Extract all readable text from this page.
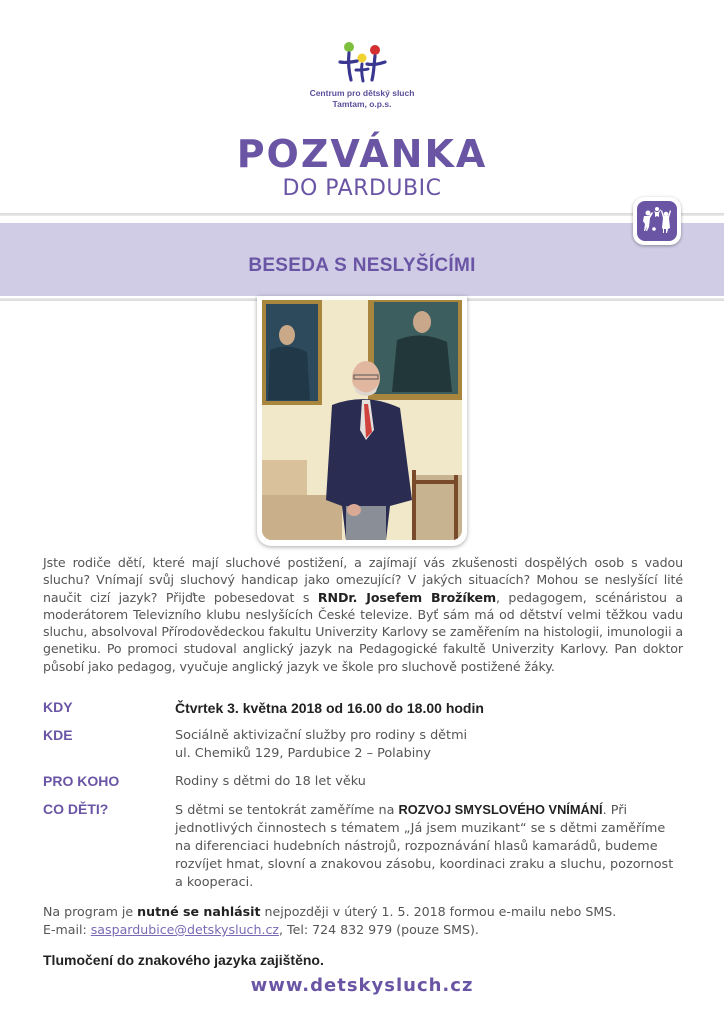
Centrum pro dětský sluch
Tamtam, o.p.s.
POZVÁNKA
DO PARDUBIC
BESEDA S NESLYŠÍCÍMI
Jste rodiče dětí, které mají sluchové postižení, a zajímají vás zkušenosti dospělých osob s vadou sluchu? Vnímají svůj sluchový handicap jako omezující? V jakých situacích? Mohou se neslyšící lité naučit cizí jazyk? Přijďte pobesedovat s RNDr. Josefem Brožíkem, pedagogem, scénáristou a moderátorem Televizního klubu neslyšících České televize. Byť sám má od dětství velmi těžkou vadu sluchu, absolvoval Přírodovědeckou fakultu Univerzity Karlovy se zaměřením na histologii, imunologii a genetiku. Po promoci studoval anglický jazyk na Pedagogické fakultě Univerzity Karlovy. Pan doktor působí jako pedagog, vyučuje anglický jazyk ve škole pro sluchově postižené žáky.
KDY	Čtvrtek 3. května 2018 od 16.00 do 18.00 hodin
KDE	Sociálně aktivizační služby pro rodiny s dětmi
ul. Chemiků 129, Pardubice 2 – Polabiny
PRO KOHO	Rodiny s dětmi do 18 let věku
CO DĚTI?	S dětmi se tentokrát zaměříme na ROZVOJ SMYSLOVÉHO VNÍMÁNÍ. Při jednotlivých činnostech s tématem „Já jsem muzikant“ se s dětmi zaměříme na diferenciaci hudebních nástrojů, rozpoznávání hlasů kamarádů, budeme rozvíjet hmat, slovní a znakovou zásobu, koordinaci zraku a sluchu, pozornost a kooperaci.
Na program je nutné se nahlásit nejpozději v úterý 1. 5. 2018 formou e-mailu nebo SMS.
E-mail: saspardubice@detskysluch.cz, Tel: 724 832 979 (pouze SMS).
Tlumočení do znakového jazyka zajištěno.
www.detskysluch.cz
